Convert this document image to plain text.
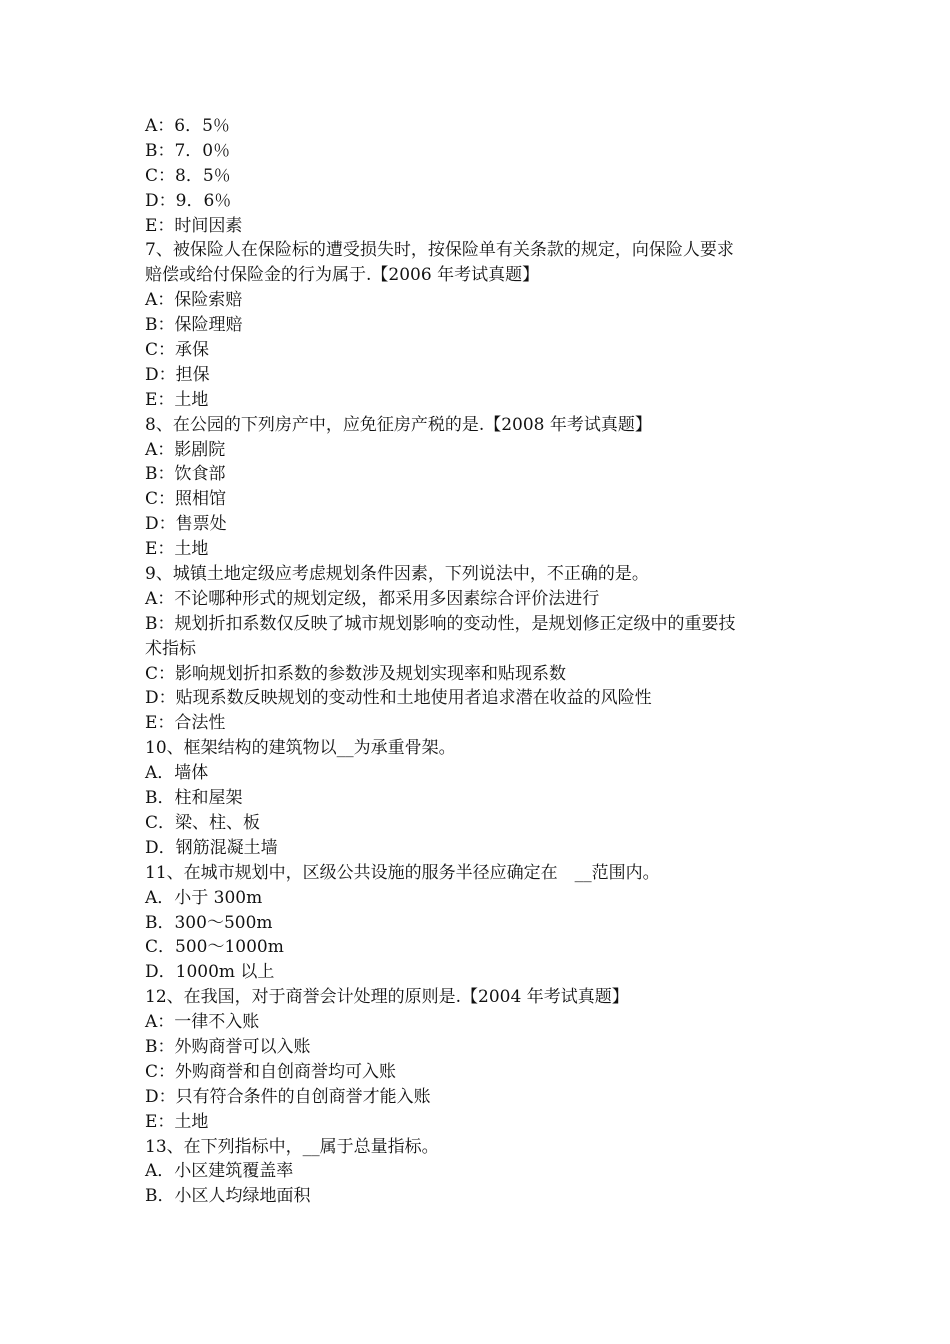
A：6．5％
B：7．0％
C：8．5％
D：9．6％
E：时间因素
7、被保险人在保险标的遭受损失时，按保险单有关条款的规定，向保险人要求
赔偿或给付保险金的行为属于.【2006 年考试真题】
A：保险索赔
B：保险理赔
C：承保
D：担保
E：土地
8、在公园的下列房产中，应免征房产税的是.【2008 年考试真题】
A：影剧院
B：饮食部
C：照相馆
D：售票处
E：土地
9、城镇土地定级应考虑规划条件因素，下列说法中，不正确的是。
A：不论哪种形式的规划定级，都采用多因素综合评价法进行
B：规划折扣系数仅反映了城市规划影响的变动性，是规划修正定级中的重要技
术指标
C：影响规划折扣系数的参数涉及规划实现率和贴现系数
D：贴现系数反映规划的变动性和土地使用者追求潜在收益的风险性
E：合法性
10、框架结构的建筑物以__为承重骨架。
A．墙体
B．柱和屋架
C．梁、柱、板
D．钢筋混凝土墙
11、在城市规划中，区级公共设施的服务半径应确定在　__范围内。
A．小于 300m
B．300～500m
C．500～1000m
D．1000m 以上
12、在我国，对于商誉会计处理的原则是.【2004 年考试真题】
A：一律不入账
B：外购商誉可以入账
C：外购商誉和自创商誉均可入账
D：只有符合条件的自创商誉才能入账
E：土地
13、在下列指标中，__属于总量指标。
A．小区建筑覆盖率
B．小区人均绿地面积
